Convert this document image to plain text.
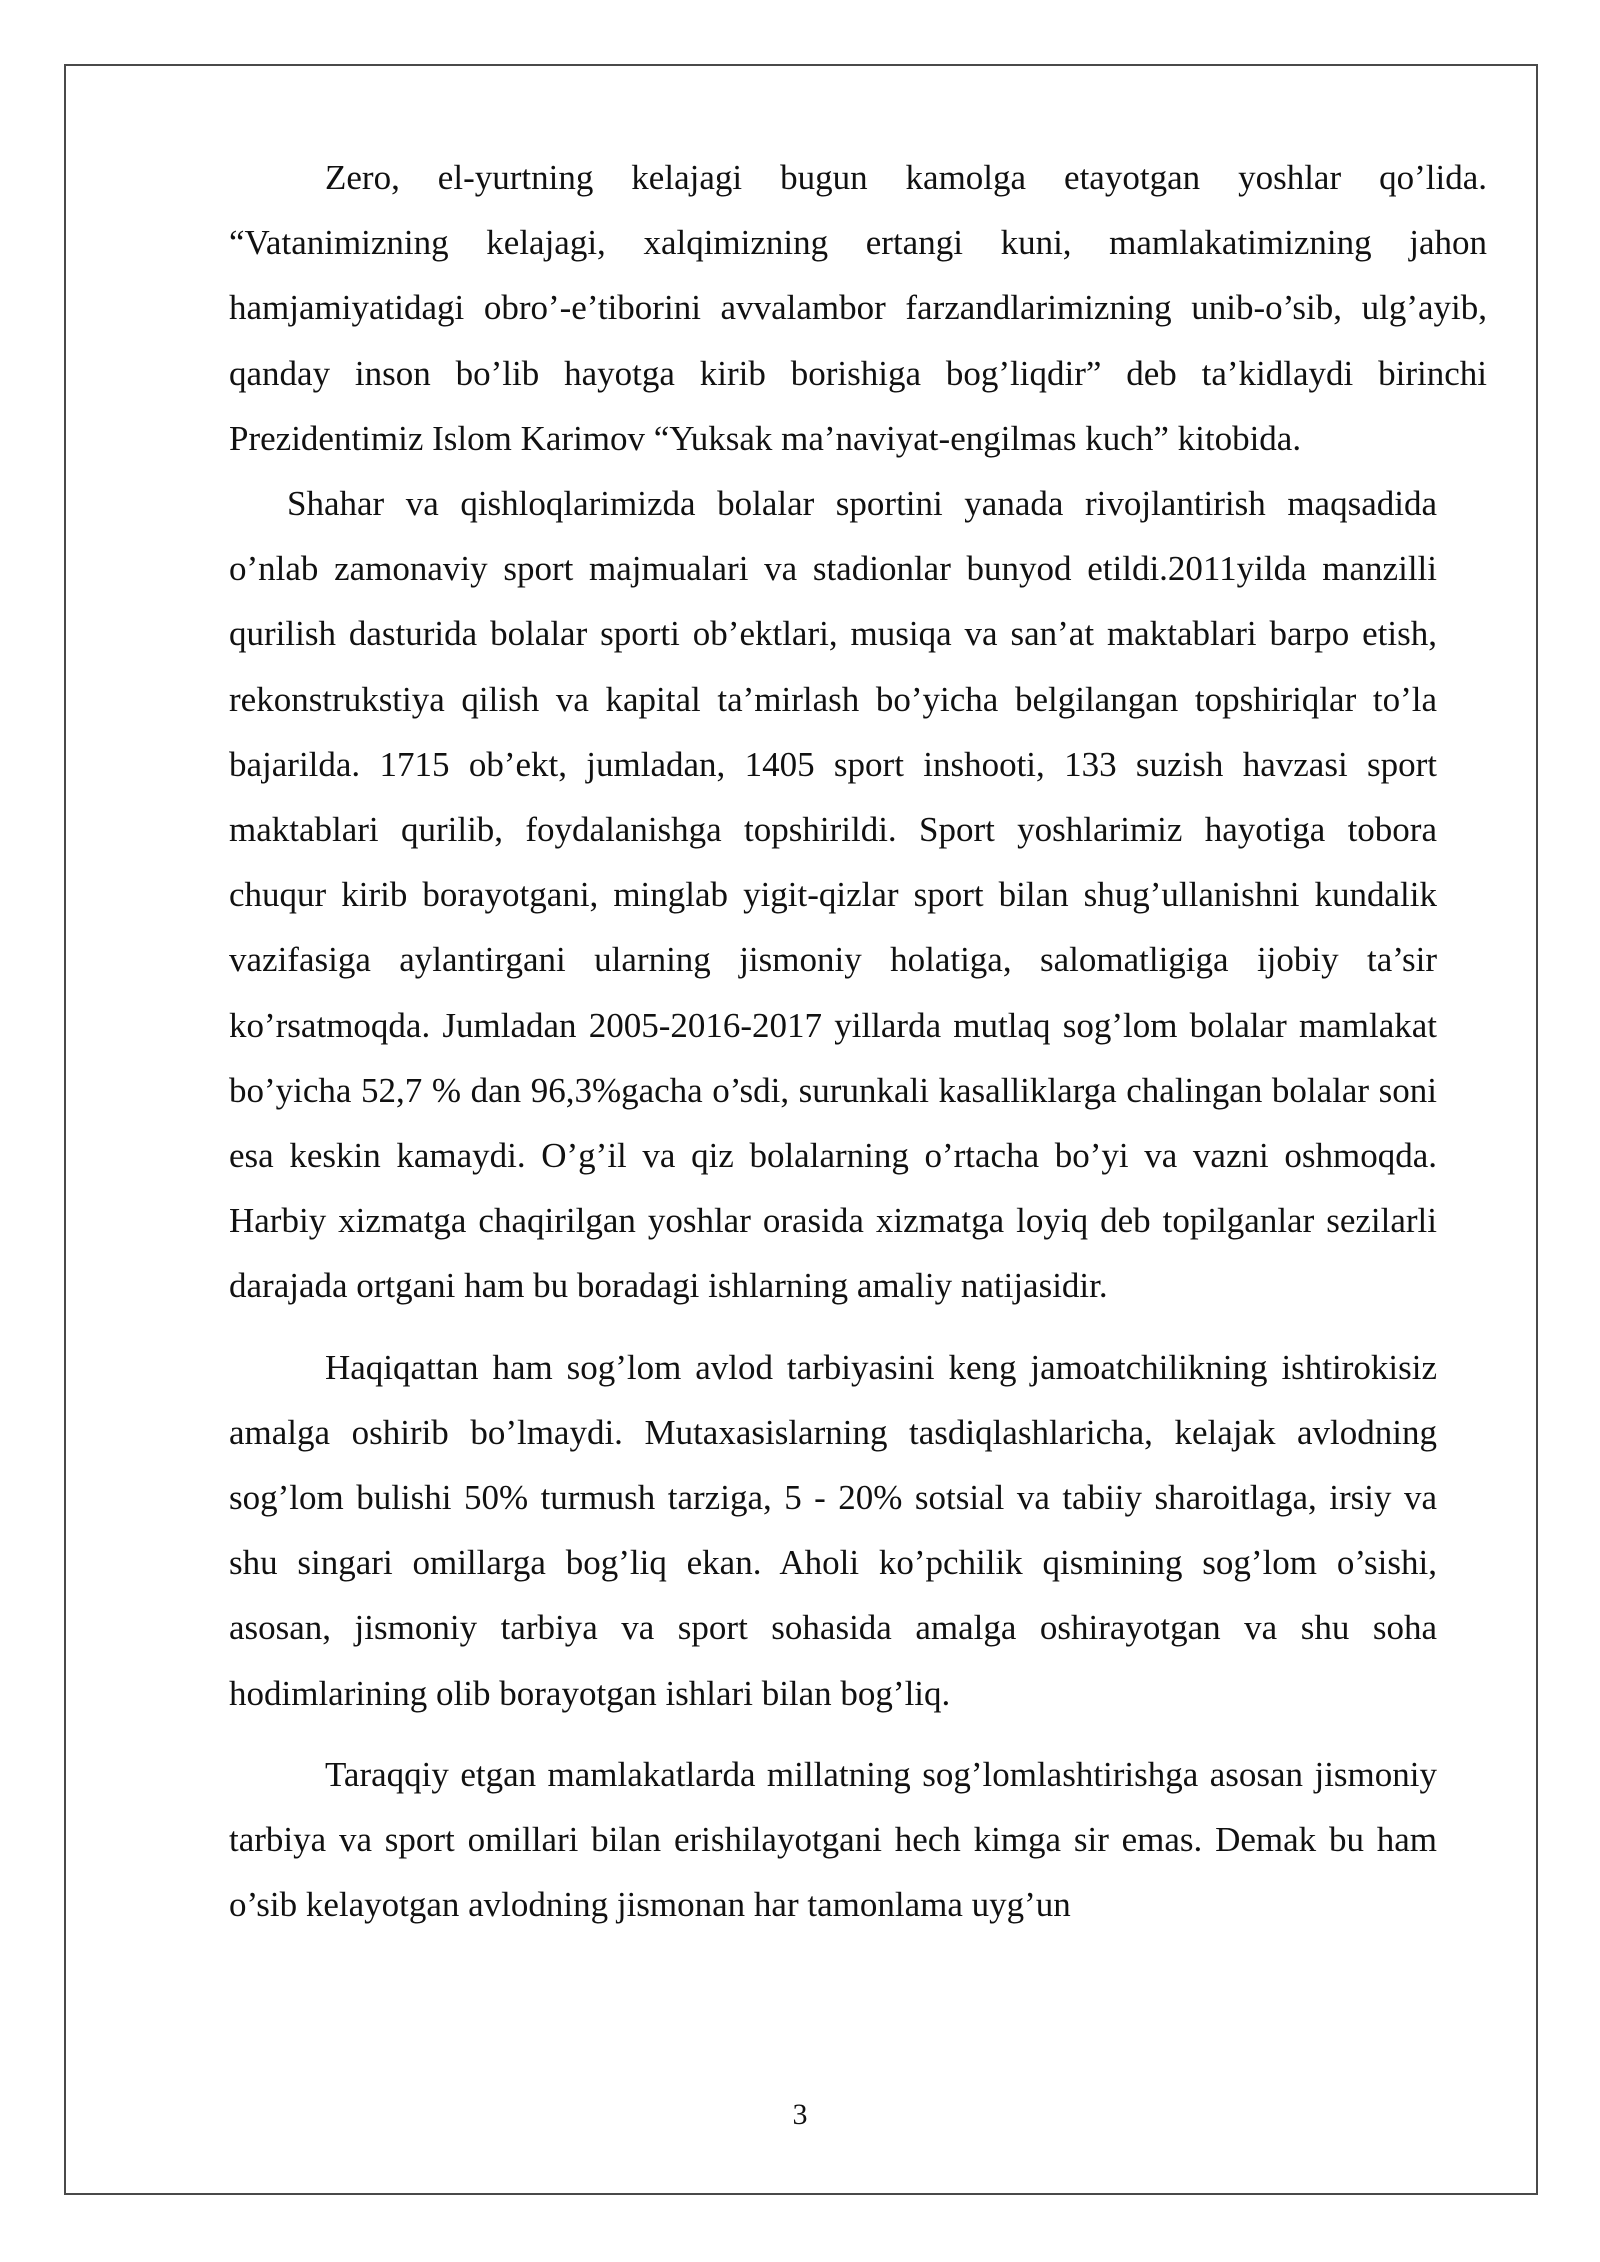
Zero, el-yurtning kelajagi bugun kamolga etayotgan yoshlar qo’lida. “Vatanimizning kelajagi, xalqimizning ertangi kuni, mamlakatimizning jahon hamjamiyatidagi obro’-e’tiborini avvalambor farzandlarimizning unib-o’sib, ulg’ayib, qanday inson bo’lib hayotga kirib borishiga bog’liqdir” deb ta’kidlaydi birinchi Prezidentimiz Islom Karimov “Yuksak ma’naviyat-engilmas kuch” kitobida.

Shahar va qishloqlarimizda bolalar sportini yanada rivojlantirish maqsadida o’nlab zamonaviy sport majmualari va stadionlar bunyod etildi.2011yilda manzilli qurilish dasturida bolalar sporti ob’ektlari, musiqa va san’at maktablari barpo etish, rekonstrukstiya qilish va kapital ta’mirlash bo’yicha belgilangan topshiriqlar to’la bajarilda. 1715 ob’ekt, jumladan, 1405 sport inshooti, 133 suzish havzasi sport maktablari qurilib, foydalanishga topshirildi. Sport yoshlarimiz hayotiga tobora chuqur kirib borayotgani, minglab yigit-qizlar sport bilan shug’ullanishni kundalik vazifasiga aylantirgani ularning jismoniy holatiga, salomatligiga ijobiy ta’sir ko’rsatmoqda. Jumladan 2005-2016-2017 yillarda mutlaq sog’lom bolalar mamlakat bo’yicha 52,7 % dan 96,3%gacha o’sdi, surunkali kasalliklarga chalingan bolalar soni esa keskin kamaydi. O’g’il va qiz bolalarning o’rtacha bo’yi va vazni oshmoqda. Harbiy xizmatga chaqirilgan yoshlar orasida xizmatga loyiq deb topilganlar sezilarli darajada ortgani ham bu boradagi ishlarning amaliy natijasidir.

Haqiqattan ham sog’lom avlod tarbiyasini keng jamoatchilikning ishtirokisiz amalga oshirib bo’lmaydi. Mutaxasislarning tasdiqlashlaricha, kelajak avlodning sog’lom bulishi 50% turmush tarziga, 5 - 20% sotsial va tabiiy sharoitlaga, irsiy va shu singari omillarga bog’liq ekan. Aholi ko’pchilik qismining sog’lom o’sishi, asosan, jismoniy tarbiya va sport sohasida amalga oshirayotgan va shu soha hodimlarining olib borayotgan ishlari bilan bog’liq.

Taraqqiy etgan mamlakatlarda millatning sog’lomlashtirishga asosan jismoniy tarbiya va sport omillari bilan erishilayotgani hech kimga sir emas. Demak bu ham o’sib kelayotgan avlodning jismonan har tamonlama uyg’un

3
